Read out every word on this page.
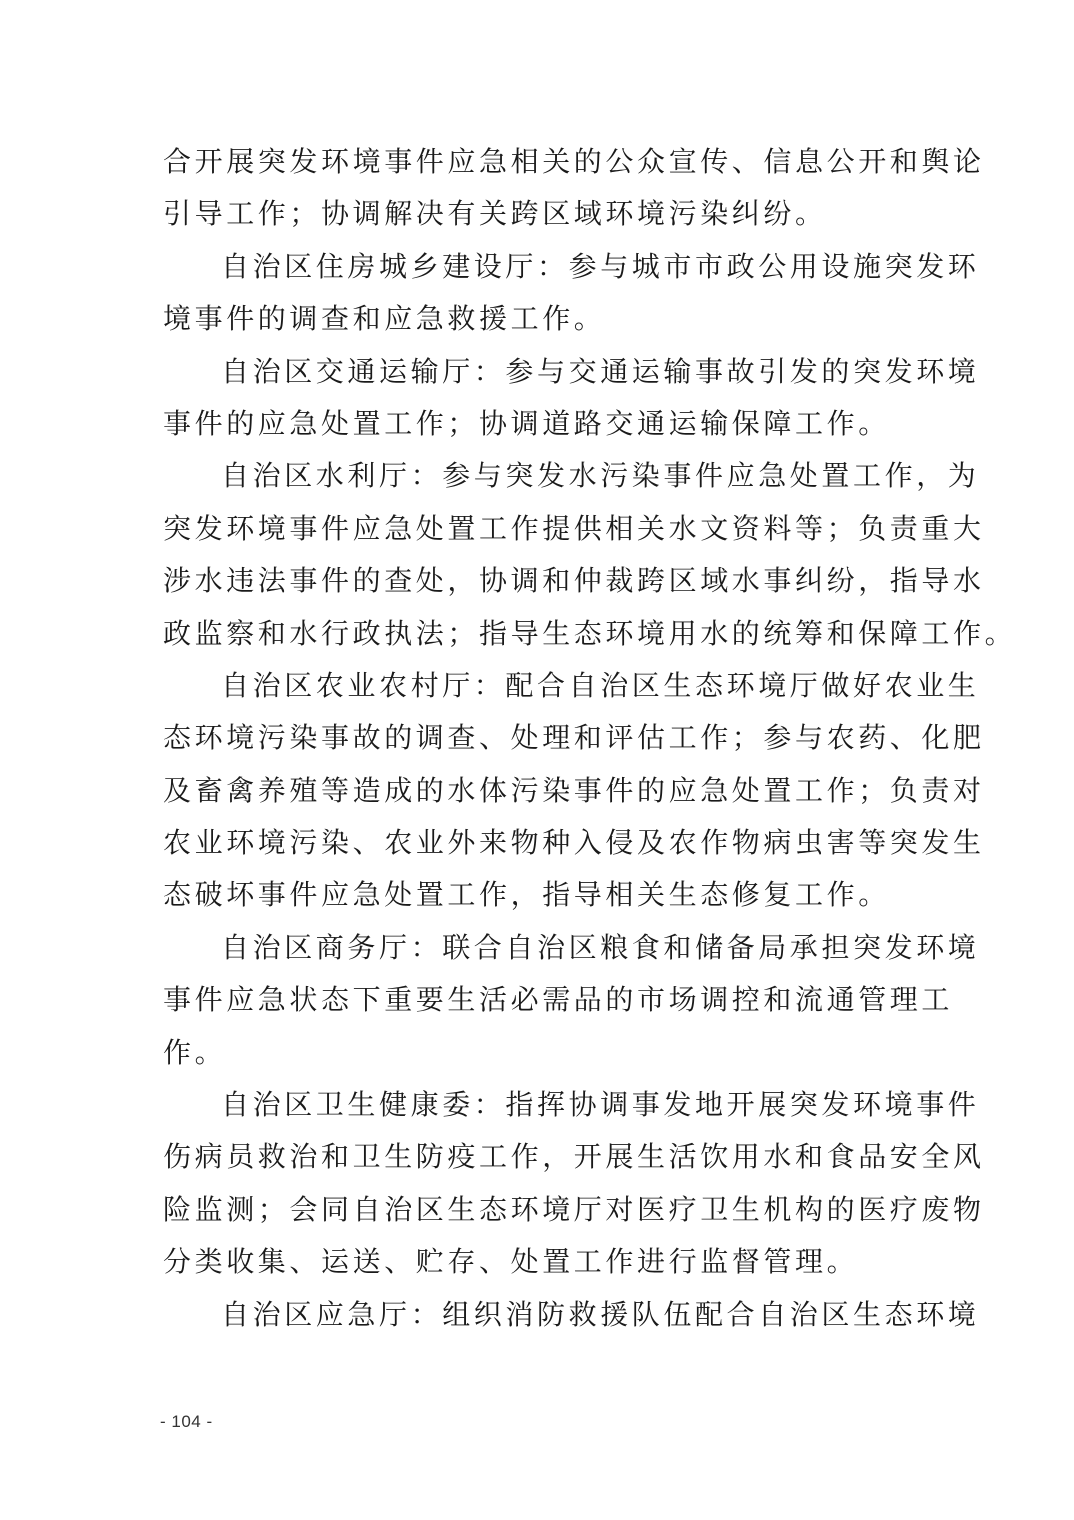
合开展突发环境事件应急相关的公众宣传、信息公开和舆论
引导工作；协调解决有关跨区域环境污染纠纷。
自治区住房城乡建设厅：参与城市市政公用设施突发环
境事件的调查和应急救援工作。
自治区交通运输厅：参与交通运输事故引发的突发环境
事件的应急处置工作；协调道路交通运输保障工作。
自治区水利厅：参与突发水污染事件应急处置工作，为
突发环境事件应急处置工作提供相关水文资料等；负责重大
涉水违法事件的查处，协调和仲裁跨区域水事纠纷，指导水
政监察和水行政执法；指导生态环境用水的统筹和保障工作。
自治区农业农村厅：配合自治区生态环境厅做好农业生
态环境污染事故的调查、处理和评估工作；参与农药、化肥
及畜禽养殖等造成的水体污染事件的应急处置工作；负责对
农业环境污染、农业外来物种入侵及农作物病虫害等突发生
态破坏事件应急处置工作，指导相关生态修复工作。
自治区商务厅：联合自治区粮食和储备局承担突发环境
事件应急状态下重要生活必需品的市场调控和流通管理工
作。
自治区卫生健康委：指挥协调事发地开展突发环境事件
伤病员救治和卫生防疫工作，开展生活饮用水和食品安全风
险监测；会同自治区生态环境厅对医疗卫生机构的医疗废物
分类收集、运送、贮存、处置工作进行监督管理。
自治区应急厅：组织消防救援队伍配合自治区生态环境
- 104 -
